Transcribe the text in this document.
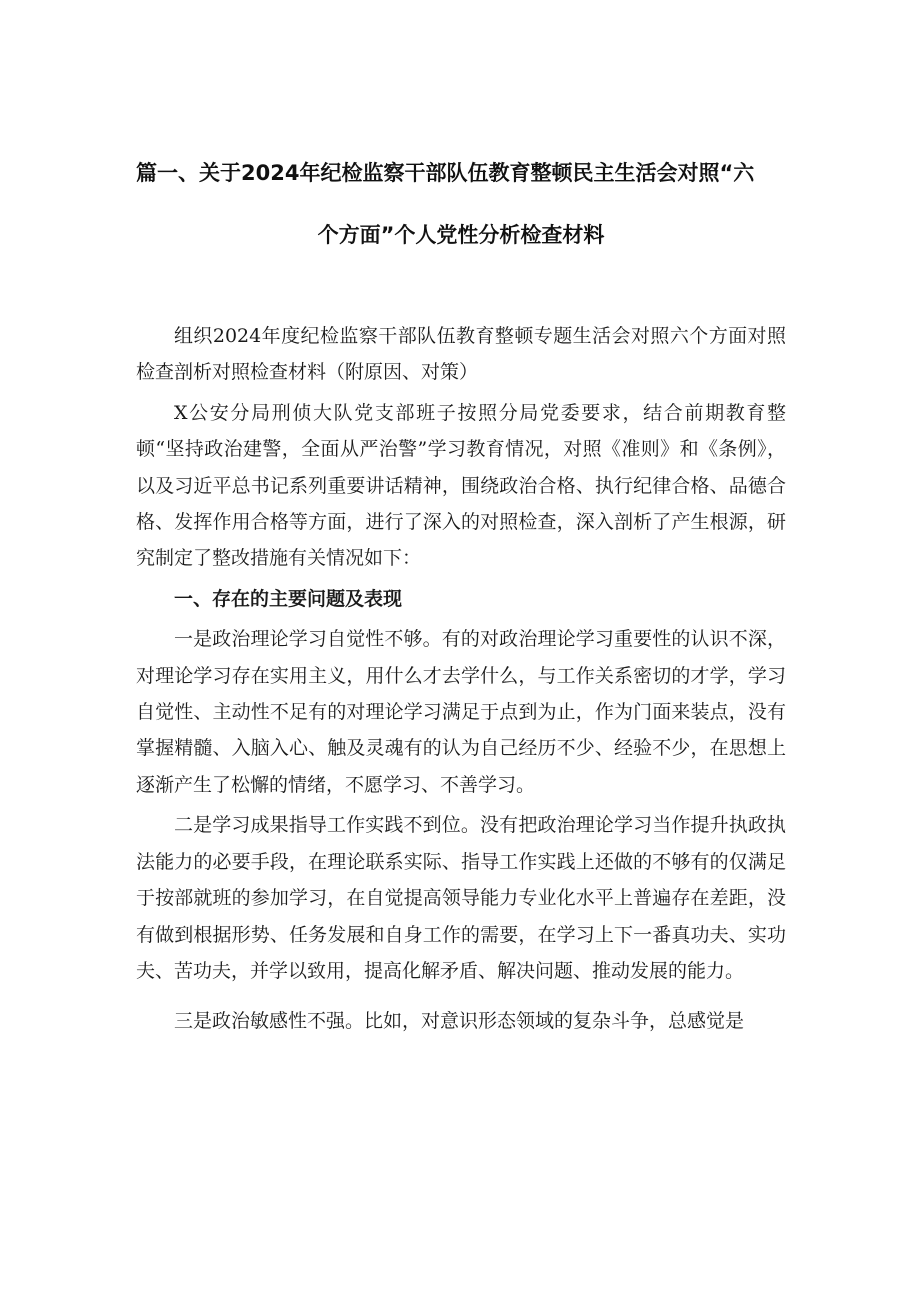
篇一、关于2024年纪检监察干部队伍教育整顿民主生活会对照“六
个方面”个人党性分析检查材料

组织2024年度纪检监察干部队伍教育整顿专题生活会对照六个方面对照检查剖析对照检查材料（附原因、对策）

X公安分局刑侦大队党支部班子按照分局党委要求，结合前期教育整顿“坚持政治建警，全面从严治警”学习教育情况，对照《准则》和《条例》，以及习近平总书记系列重要讲话精神，围绕政治合格、执行纪律合格、品德合格、发挥作用合格等方面，进行了深入的对照检查，深入剖析了产生根源，研究制定了整改措施有关情况如下：

一、存在的主要问题及表现

一是政治理论学习自觉性不够。有的对政治理论学习重要性的认识不深，对理论学习存在实用主义，用什么才去学什么，与工作关系密切的才学，学习自觉性、主动性不足有的对理论学习满足于点到为止，作为门面来装点，没有掌握精髓、入脑入心、触及灵魂有的认为自己经历不少、经验不少，在思想上逐渐产生了松懈的情绪，不愿学习、不善学习。

二是学习成果指导工作实践不到位。没有把政治理论学习当作提升执政执法能力的必要手段，在理论联系实际、指导工作实践上还做的不够有的仅满足于按部就班的参加学习，在自觉提高领导能力专业化水平上普遍存在差距，没有做到根据形势、任务发展和自身工作的需要，在学习上下一番真功夫、实功夫、苦功夫，并学以致用，提高化解矛盾、解决问题、推动发展的能力。

三是政治敏感性不强。比如，对意识形态领域的复杂斗争，总感觉是
